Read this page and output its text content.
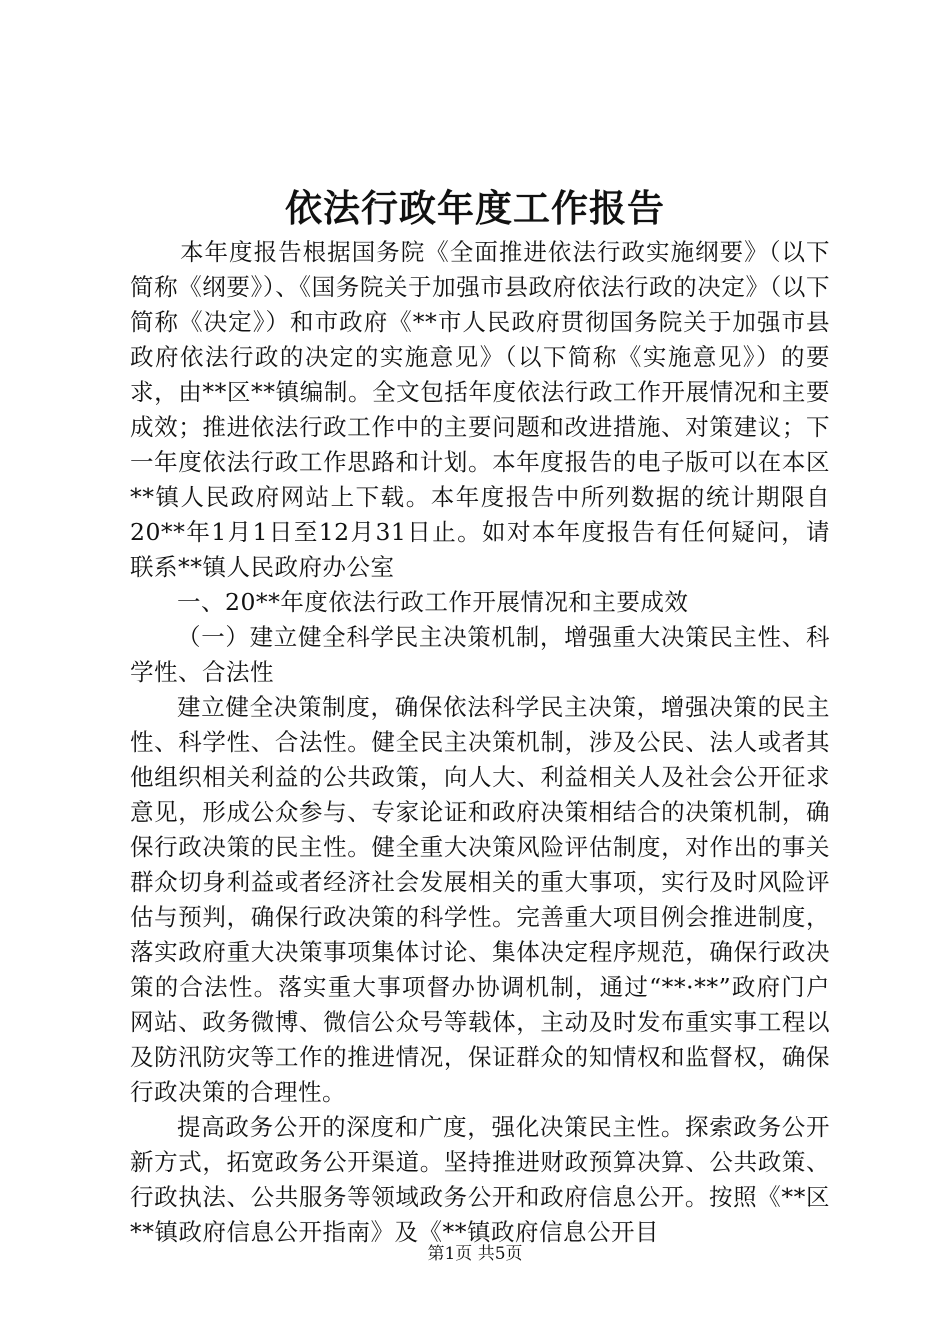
依法行政年度工作报告

本年度报告根据国务院《全面推进依法行政实施纲要》（以下简称《纲要》）、《国务院关于加强市县政府依法行政的决定》（以下简称《决定》）和市政府《**市人民政府贯彻国务院关于加强市县政府依法行政的决定的实施意见》（以下简称《实施意见》）的要求，由**区**镇编制。全文包括年度依法行政工作开展情况和主要成效；推进依法行政工作中的主要问题和改进措施、对策建议；下一年度依法行政工作思路和计划。本年度报告的电子版可以在本区**镇人民政府网站上下载。本年度报告中所列数据的统计期限自20**年1月1日至12月31日止。如对本年度报告有任何疑问，请联系**镇人民政府办公室

一、20**年度依法行政工作开展情况和主要成效

（一）建立健全科学民主决策机制，增强重大决策民主性、科学性、合法性

建立健全决策制度，确保依法科学民主决策，增强决策的民主性、科学性、合法性。健全民主决策机制，涉及公民、法人或者其他组织相关利益的公共政策，向人大、利益相关人及社会公开征求意见，形成公众参与、专家论证和政府决策相结合的决策机制，确保行政决策的民主性。健全重大决策风险评估制度，对作出的事关群众切身利益或者经济社会发展相关的重大事项，实行及时风险评估与预判，确保行政决策的科学性。完善重大项目例会推进制度，落实政府重大决策事项集体讨论、集体决定程序规范，确保行政决策的合法性。落实重大事项督办协调机制，通过“**·**”政府门户网站、政务微博、微信公众号等载体，主动及时发布重实事工程以及防汛防灾等工作的推进情况，保证群众的知情权和监督权，确保行政决策的合理性。

提高政务公开的深度和广度，强化决策民主性。探索政务公开新方式，拓宽政务公开渠道。坚持推进财政预算决算、公共政策、行政执法、公共服务等领域政务公开和政府信息公开。按照《**区**镇政府信息公开指南》及《**镇政府信息公开目

第1页 共5页
